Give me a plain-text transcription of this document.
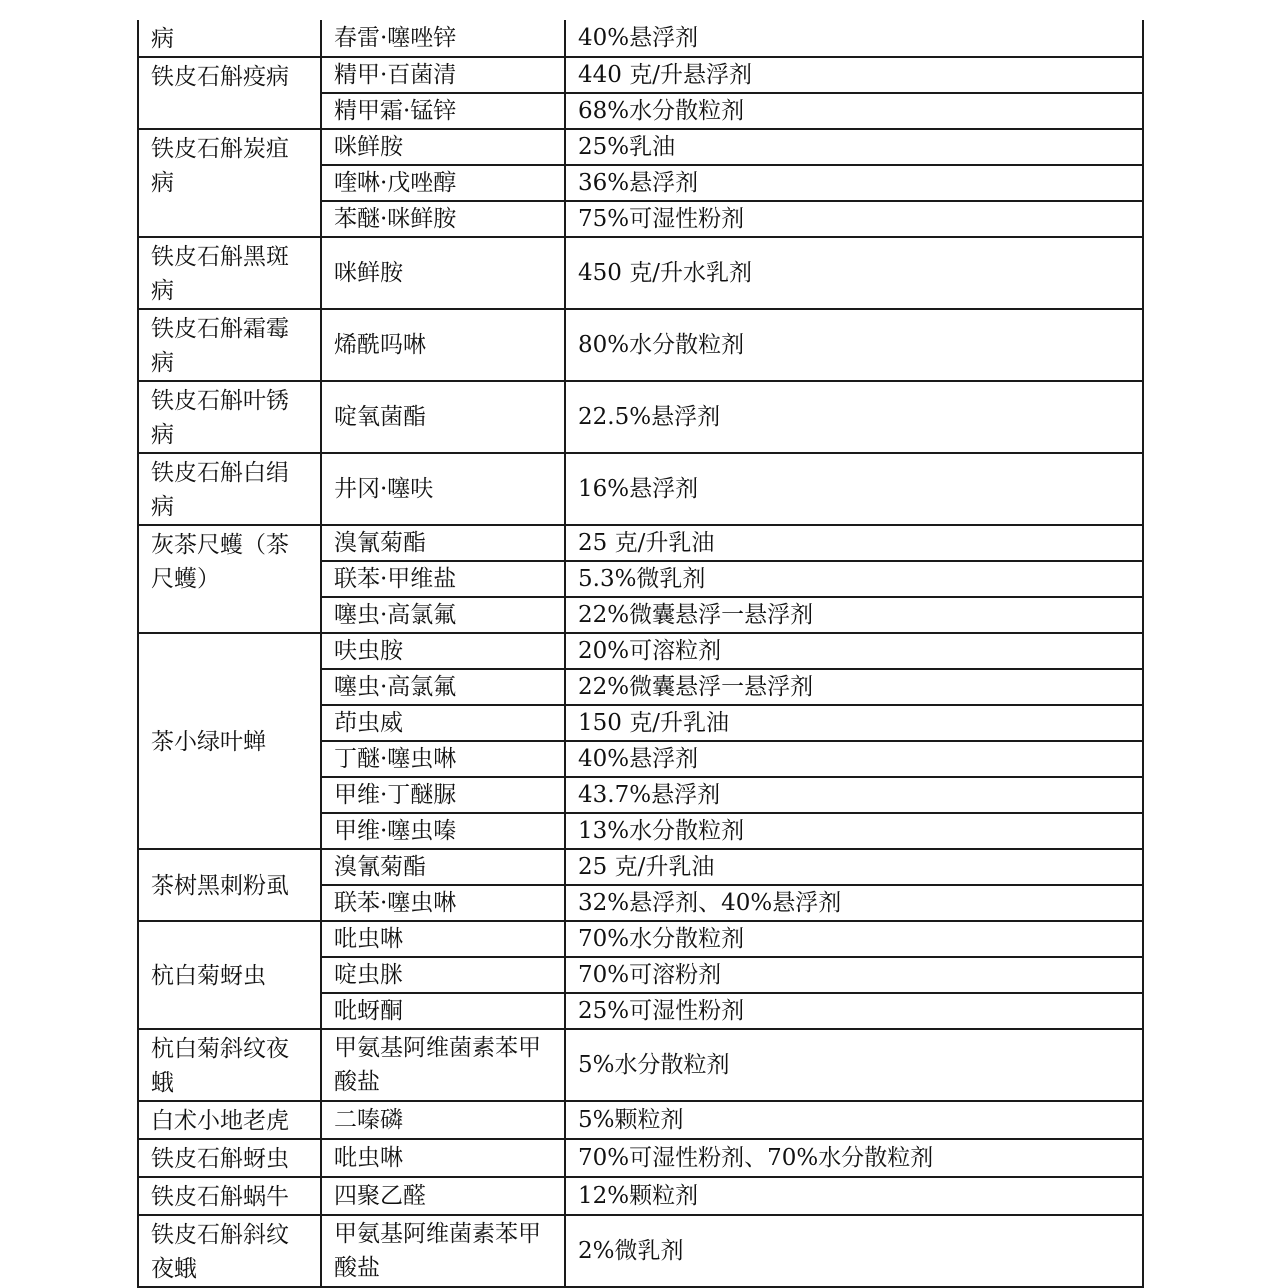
病	春雷·噻唑锌	40%悬浮剂
铁皮石斛疫病	精甲·百菌清	440 克/升悬浮剂
	精甲霜·锰锌	68%水分散粒剂
铁皮石斛炭疽病	咪鲜胺	25%乳油
	喹啉·戊唑醇	36%悬浮剂
	苯醚·咪鲜胺	75%可湿性粉剂
铁皮石斛黑斑病	咪鲜胺	450 克/升水乳剂
铁皮石斛霜霉病	烯酰吗啉	80%水分散粒剂
铁皮石斛叶锈病	啶氧菌酯	22.5%悬浮剂
铁皮石斛白绢病	井冈·噻呋	16%悬浮剂
灰茶尺蠖（茶尺蠖）	溴氰菊酯	25 克/升乳油
	联苯·甲维盐	5.3%微乳剂
	噻虫·高氯氟	22%微囊悬浮一悬浮剂
茶小绿叶蝉	呋虫胺	20%可溶粒剂
	噻虫·高氯氟	22%微囊悬浮一悬浮剂
	茚虫威	150 克/升乳油
	丁醚·噻虫啉	40%悬浮剂
	甲维·丁醚脲	43.7%悬浮剂
	甲维·噻虫嗪	13%水分散粒剂
茶树黑刺粉虱	溴氰菊酯	25 克/升乳油
	联苯·噻虫啉	32%悬浮剂、40%悬浮剂
杭白菊蚜虫	吡虫啉	70%水分散粒剂
	啶虫脒	70%可溶粉剂
	吡蚜酮	25%可湿性粉剂
杭白菊斜纹夜蛾	甲氨基阿维菌素苯甲酸盐	5%水分散粒剂
白术小地老虎	二嗪磷	5%颗粒剂
铁皮石斛蚜虫	吡虫啉	70%可湿性粉剂、70%水分散粒剂
铁皮石斛蜗牛	四聚乙醛	12%颗粒剂
铁皮石斛斜纹夜蛾	甲氨基阿维菌素苯甲酸盐	2%微乳剂
